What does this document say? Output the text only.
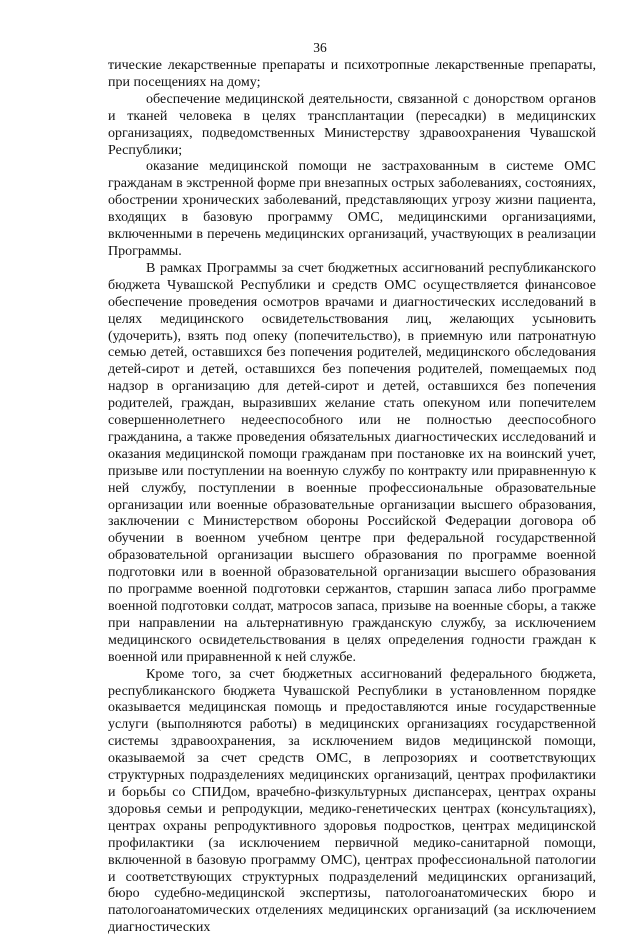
36

тические лекарственные препараты и психотропные лекарственные препараты, при посещениях на дому;

обеспечение медицинской деятельности, связанной с донорством органов и тканей человека в целях трансплантации (пересадки) в медицинских организациях, подведомственных Министерству здравоохранения Чувашской Республики;

оказание медицинской помощи не застрахованным в системе ОМС гражданам в экстренной форме при внезапных острых заболеваниях, состояниях, обострении хронических заболеваний, представляющих угрозу жизни пациента, входящих в базовую программу ОМС, медицинскими организациями, включенными в перечень медицинских организаций, участвующих в реализации Программы.

В рамках Программы за счет бюджетных ассигнований республиканского бюджета Чувашской Республики и средств ОМС осуществляется финансовое обеспечение проведения осмотров врачами и диагностических исследований в целях медицинского освидетельствования лиц, желающих усыновить (удочерить), взять под опеку (попечительство), в приемную или патронатную семью детей, оставшихся без попечения родителей, медицинского обследования детей-сирот и детей, оставшихся без попечения родителей, помещаемых под надзор в организацию для детей-сирот и детей, оставшихся без попечения родителей, граждан, выразивших желание стать опекуном или попечителем совершеннолетнего недееспособного или не полностью дееспособного гражданина, а также проведения обязательных диагностических исследований и оказания медицинской помощи гражданам при постановке их на воинский учет, призыве или поступлении на военную службу по контракту или приравненную к ней службу, поступлении в военные профессиональные образовательные организации или военные образовательные организации высшего образования, заключении с Министерством обороны Российской Федерации договора об обучении в военном учебном центре при федеральной государственной образовательной организации высшего образования по программе военной подготовки или в военной образовательной организации высшего образования по программе военной подготовки сержантов, старшин запаса либо программе военной подготовки солдат, матросов запаса, призыве на военные сборы, а также при направлении на альтернативную гражданскую службу, за исключением медицинского освидетельствования в целях определения годности граждан к военной или приравненной к ней службе.

Кроме того, за счет бюджетных ассигнований федерального бюджета, республиканского бюджета Чувашской Республики в установленном порядке оказывается медицинская помощь и предоставляются иные государственные услуги (выполняются работы) в медицинских организациях государственной системы здравоохранения, за исключением видов медицинской помощи, оказываемой за счет средств ОМС, в лепрозориях и соответствующих структурных подразделениях медицинских организаций, центрах профилактики и борьбы со СПИДом, врачебно-физкультурных диспансерах, центрах охраны здоровья семьи и репродукции, медико-генетических центрах (консультациях), центрах охраны репродуктивного здоровья подростков, центрах медицинской профилактики (за исключением первичной медико-санитарной помощи, включенной в базовую программу ОМС), центрах профессиональной патологии и соответствующих структурных подразделений медицинских организаций, бюро судебно-медицинской экспертизы, патологоанатомических бюро и патологоанатомических отделениях медицинских организаций (за исключением диагностических
